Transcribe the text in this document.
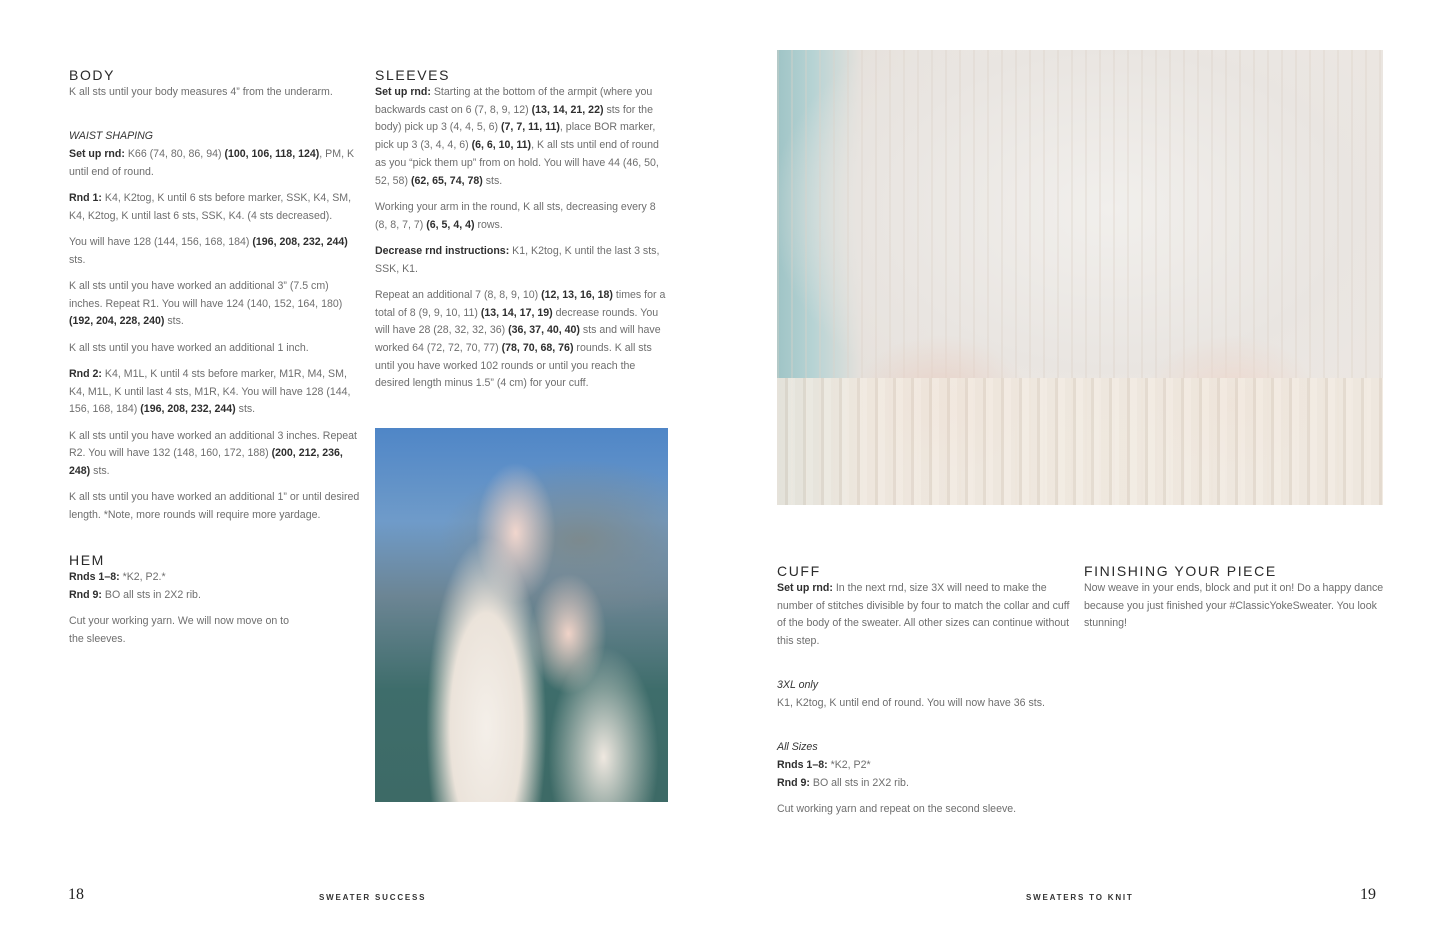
BODY

K all sts until your body measures 4” from the underarm.

WAIST SHAPING

Set up rnd: K66 (74, 80, 86, 94) (100, 106, 118, 124), PM, K until end of round.

Rnd 1: K4, K2tog, K until 6 sts before marker, SSK, K4, SM, K4, K2tog, K until last 6 sts, SSK, K4. (4 sts decreased).

You will have 128 (144, 156, 168, 184) (196, 208, 232, 244) sts.

K all sts until you have worked an additional 3” (7.5 cm) inches. Repeat R1. You will have 124 (140, 152, 164, 180) (192, 204, 228, 240) sts.

K all sts until you have worked an additional 1 inch.

Rnd 2: K4, M1L, K until 4 sts before marker, M1R, M4, SM, K4, M1L, K until last 4 sts, M1R, K4. You will have 128 (144, 156, 168, 184) (196, 208, 232, 244) sts.

K all sts until you have worked an additional 3 inches. Repeat R2. You will have 132 (148, 160, 172, 188) (200, 212, 236, 248) sts.

K all sts until you have worked an additional 1” or until desired length. *Note, more rounds will require more yardage.

HEM

Rnds 1–8: *K2, P2.*

Rnd 9: BO all sts in 2X2 rib.

Cut your working yarn. We will now move on to the sleeves.

SLEEVES

Set up rnd: Starting at the bottom of the armpit (where you backwards cast on 6 (7, 8, 9, 12) (13, 14, 21, 22) sts for the body) pick up 3 (4, 4, 5, 6) (7, 7, 11, 11), place BOR marker, pick up 3 (3, 4, 4, 6) (6, 6, 10, 11), K all sts until end of round as you “pick them up” from on hold. You will have 44 (46, 50, 52, 58) (62, 65, 74, 78) sts.

Working your arm in the round, K all sts, decreasing every 8 (8, 8, 7, 7) (6, 5, 4, 4) rows.

Decrease rnd instructions: K1, K2tog, K until the last 3 sts, SSK, K1.

Repeat an additional 7 (8, 8, 9, 10) (12, 13, 16, 18) times for a total of 8 (9, 9, 10, 11) (13, 14, 17, 19) decrease rounds. You will have 28 (28, 32, 32, 36) (36, 37, 40, 40) sts and will have worked 64 (72, 72, 70, 77) (78, 70, 68, 76) rounds. K all sts until you have worked 102 rounds or until you reach the desired length minus 1.5” (4 cm) for your cuff.

CUFF

Set up rnd: In the next rnd, size 3X will need to make the number of stitches divisible by four to match the collar and cuff of the body of the sweater. All other sizes can continue without this step.

3XL only

K1, K2tog, K until end of round. You will now have 36 sts.

All Sizes

Rnds 1–8: *K2, P2*

Rnd 9: BO all sts in 2X2 rib.

Cut working yarn and repeat on the second sleeve.

FINISHING YOUR PIECE

Now weave in your ends, block and put it on! Do a happy dance because you just finished your #ClassicYokeSweater. You look stunning!

18	SWEATER SUCCESS	SWEATERS TO KNIT	19
